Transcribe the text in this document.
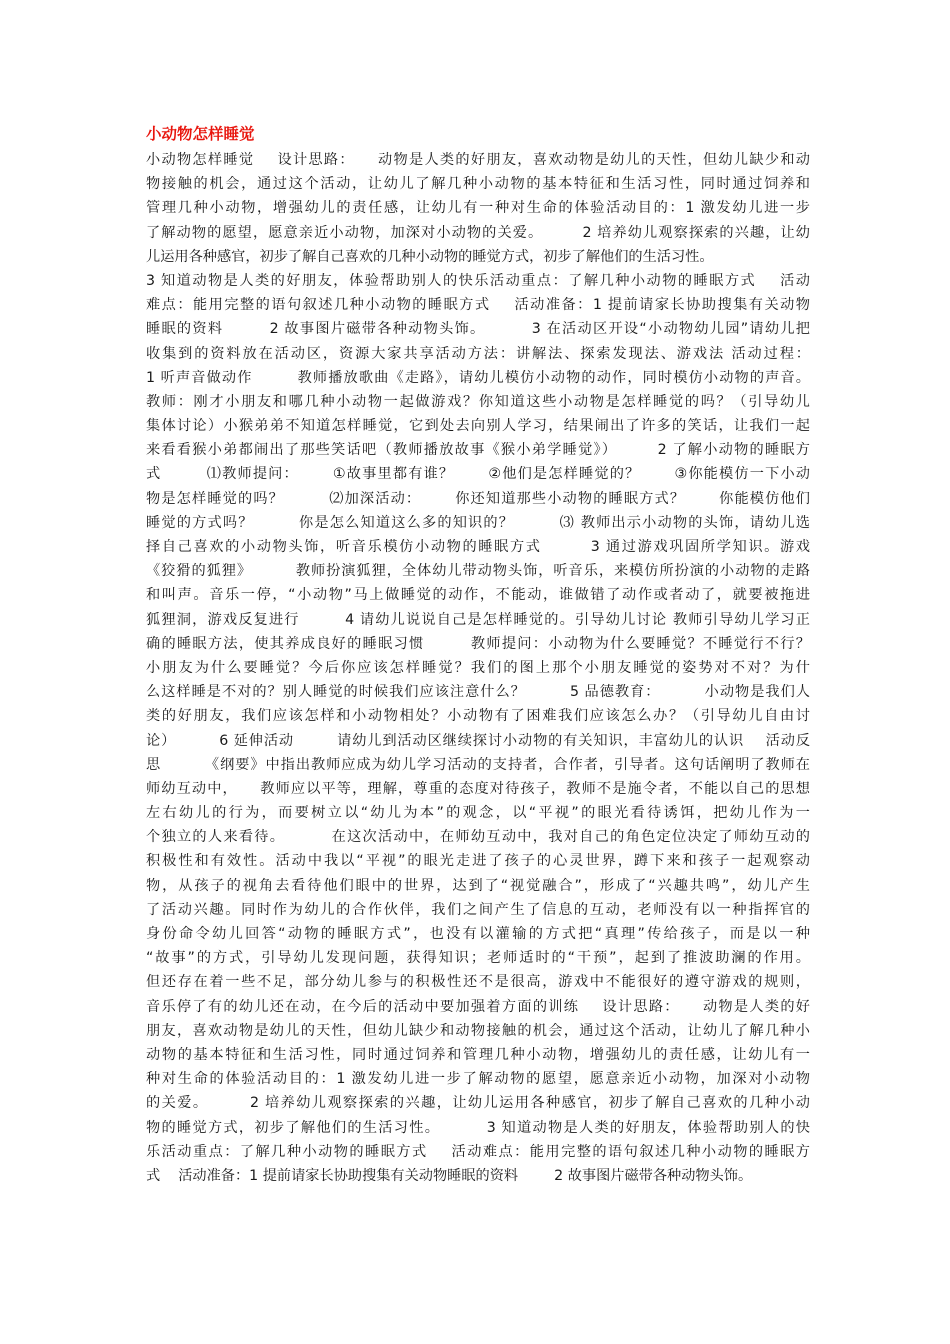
小动物怎样睡觉
小动物怎样睡觉    设计思路：    动物是人类的好朋友，喜欢动物是幼儿的天性，但幼儿缺少和动
物接触的机会，通过这个活动，让幼儿了解几种小动物的基本特征和生活习性，同时通过饲养和
管理几种小动物，增强幼儿的责任感，让幼儿有一种对生命的体验活动目的：1 激发幼儿进一步
了解动物的愿望，愿意亲近小动物，加深对小动物的关爱。       2 培养幼儿观察探索的兴趣，让幼
儿运用各种感官，初步了解自己喜欢的几种小动物的睡觉方式，初步了解他们的生活习性。
3 知道动物是人类的好朋友，体验帮助别人的快乐活动重点：了解几种小动物的睡眠方式    活动
难点：能用完整的语句叙述几种小动物的睡眠方式    活动准备：1 提前请家长协助搜集有关动物
睡眠的资料        2 故事图片磁带各种动物头饰。        3 在活动区开设“小动物幼儿园”请幼儿把
收集到的资料放在活动区，资源大家共享活动方法：讲解法、探索发现法、游戏法 活动过程：
1 听声音做动作        教师播放歌曲《走路》，请幼儿模仿小动物的动作，同时模仿小动物的声音。
教师：刚才小朋友和哪几种小动物一起做游戏？你知道这些小动物是怎样睡觉的吗？（引导幼儿
集体讨论）小猴弟弟不知道怎样睡觉，它到处去向别人学习，结果闹出了许多的笑话，让我们一起
来看看猴小弟都闹出了那些笑话吧（教师播放故事《猴小弟学睡觉》）       2 了解小动物的睡眠方
式        ⑴教师提问：      ①故事里都有谁？      ②他们是怎样睡觉的？      ③你能模仿一下小动
物是怎样睡觉的吗？        ⑵加深活动：      你还知道那些小动物的睡眠方式？      你能模仿他们
睡觉的方式吗？        你是怎么知道这么多的知识的？        ⑶ 教师出示小动物的头饰，请幼儿选
择自己喜欢的小动物头饰，听音乐模仿小动物的睡眠方式        3 通过游戏巩固所学知识。游戏
《狡猾的狐狸》        教师扮演狐狸，全体幼儿带动物头饰，听音乐，来模仿所扮演的小动物的走路
和叫声。音乐一停，“小动物”马上做睡觉的动作，不能动，谁做错了动作或者动了，就要被拖进
狐狸洞，游戏反复进行        4 请幼儿说说自己是怎样睡觉的。引导幼儿讨论 教师引导幼儿学习正
确的睡眠方法，使其养成良好的睡眠习惯        教师提问：小动物为什么要睡觉？不睡觉行不行？
小朋友为什么要睡觉？今后你应该怎样睡觉？我们的图上那个小朋友睡觉的姿势对不对？为什
么这样睡是不对的？别人睡觉的时候我们应该注意什么？        5 品德教育：        小动物是我们人
类的好朋友，我们应该怎样和小动物相处？小动物有了困难我们应该怎么办？（引导幼儿自由讨
论）        6 延伸活动        请幼儿到活动区继续探讨小动物的有关知识，丰富幼儿的认识    活动反
思        《纲要》中指出教师应成为幼儿学习活动的支持者，合作者，引导者。这句话阐明了教师在
师幼互动中，    教师应以平等，理解，尊重的态度对待孩子，教师不是施令者，不能以自己的思想
左右幼儿的行为，而要树立以“幼儿为本”的观念，以“平视”的眼光看待诱饵，把幼儿作为一
个独立的人来看待。        在这次活动中，在师幼互动中，我对自己的角色定位决定了师幼互动的
积极性和有效性。活动中我以“平视”的眼光走进了孩子的心灵世界，蹲下来和孩子一起观察动
物，从孩子的视角去看待他们眼中的世界，达到了“视觉融合”，形成了“兴趣共鸣”，幼儿产生
了活动兴趣。同时作为幼儿的合作伙伴，我们之间产生了信息的互动，老师没有以一种指挥官的
身份命令幼儿回答“动物的睡眠方式”，也没有以灌输的方式把“真理”传给孩子，而是以一种
“故事”的方式，引导幼儿发现问题，获得知识；老师适时的“干预”，起到了推波助澜的作用。
但还存在着一些不足，部分幼儿参与的积极性还不是很高，游戏中不能很好的遵守游戏的规则，
音乐停了有的幼儿还在动，在今后的活动中要加强着方面的训练    设计思路：    动物是人类的好
朋友，喜欢动物是幼儿的天性，但幼儿缺少和动物接触的机会，通过这个活动，让幼儿了解几种小
动物的基本特征和生活习性，同时通过饲养和管理几种小动物，增强幼儿的责任感，让幼儿有一
种对生命的体验活动目的：1 激发幼儿进一步了解动物的愿望，愿意亲近小动物，加深对小动物
的关爱。       2 培养幼儿观察探索的兴趣，让幼儿运用各种感官，初步了解自己喜欢的几种小动
物的睡觉方式，初步了解他们的生活习性。        3 知道动物是人类的好朋友，体验帮助别人的快
乐活动重点：了解几种小动物的睡眠方式    活动难点：能用完整的语句叙述几种小动物的睡眠方
式    活动准备：1 提前请家长协助搜集有关动物睡眠的资料        2 故事图片磁带各种动物头饰。
